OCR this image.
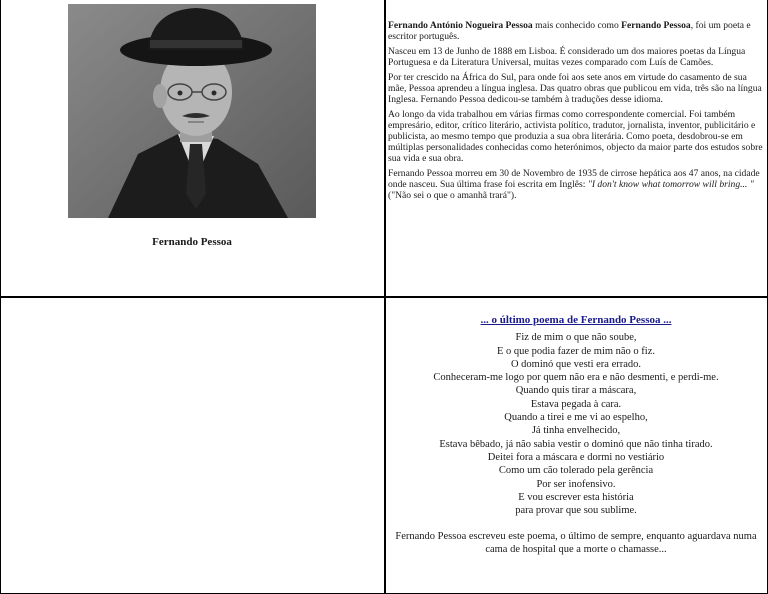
Fernando Pessoa

Fernando António Nogueira Pessoa mais conhecido como Fernando Pessoa, foi um poeta e escritor português.

Nasceu em 13 de Junho de 1888 em Lisboa. É considerado um dos maiores poetas da Língua Portuguesa e da Literatura Universal, muitas vezes comparado com Luís de Camões.

Por ter crescido na África do Sul, para onde foi aos sete anos em virtude do casamento de sua mãe, Pessoa aprendeu a língua inglesa. Das quatro obras que publicou em vida, três são na língua Inglesa. Fernando Pessoa dedicou-se também à traduções desse idioma.

Ao longo da vida trabalhou em várias firmas como correspondente comercial. Foi também empresário, editor, crítico literário, activista político, tradutor, jornalista, inventor, publicitário e publicista, ao mesmo tempo que produzia a sua obra literária. Como poeta, desdobrou-se em múltiplas personalidades conhecidas como heterónimos, objecto da maior parte dos estudos sobre sua vida e sua obra.

Fernando Pessoa morreu em 30 de Novembro de 1935 de cirrose hepática aos 47 anos, na cidade onde nasceu. Sua última frase foi escrita em Inglês: "I don't know what tomorrow will bring... " ("Não sei o que o amanhã trará").

... o último poema de Fernando Pessoa ...
Fiz de mim o que não soube,
E o que podia fazer de mim não o fiz.
O dominó que vesti era errado.
Conheceram-me logo por quem não era e não desmenti, e perdi-me.
Quando quis tirar a máscara,
Estava pegada à cara.
Quando a tirei e me vi ao espelho,
Já tinha envelhecido,
Estava bêbado, já não sabia vestir o dominó que não tinha tirado.
Deitei fora a máscara e dormi no vestiário
Como um cão tolerado pela gerência
Por ser inofensivo.
E vou escrever esta história
para provar que sou sublime.
Fernando Pessoa escreveu este poema, o último de sempre, enquanto aguardava numa cama de hospital que a morte o chamasse...
